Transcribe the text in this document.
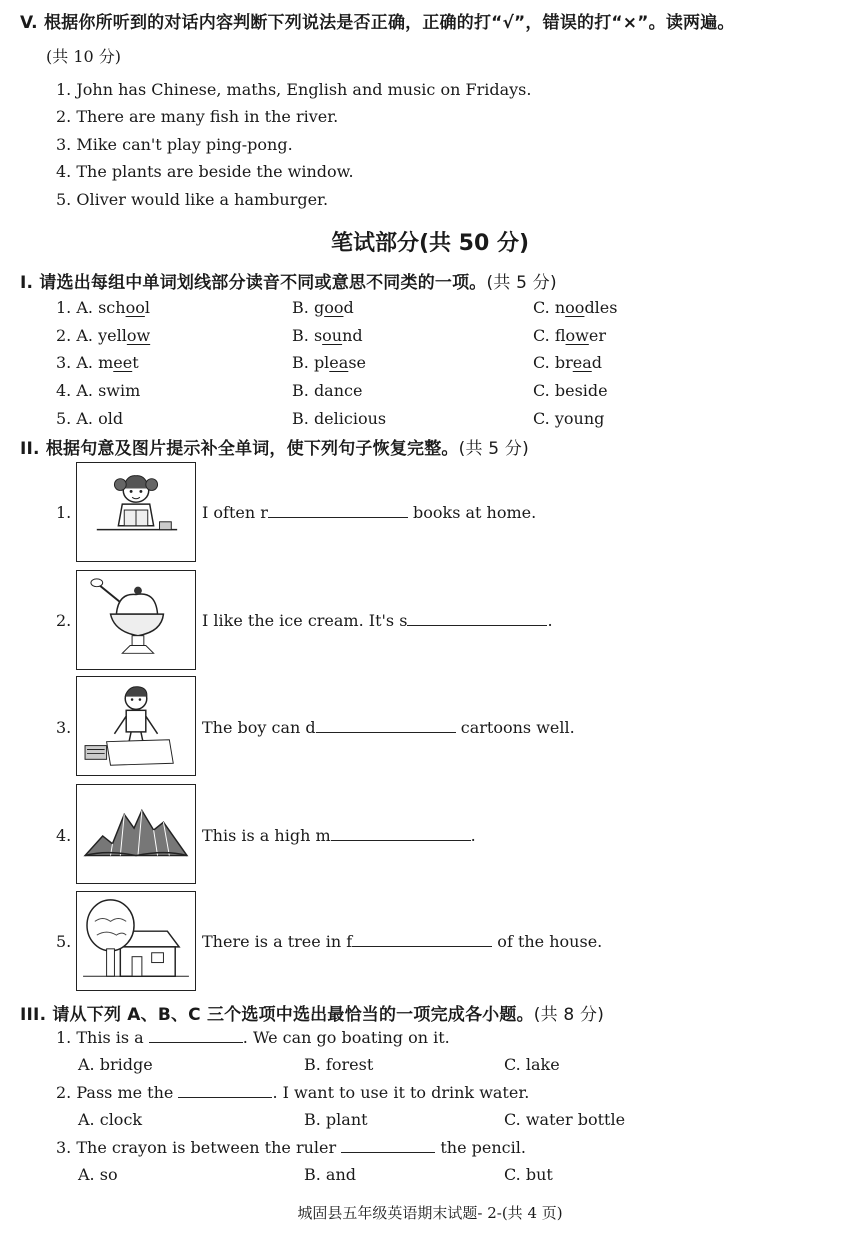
V. 根据你所听到的对话内容判断下列说法是否正确，正确的打“√”，错误的打“×”。读两遍。
(共 10 分)
1. John has Chinese, maths, English and music on Fridays.
2. There are many fish in the river.
3. Mike can't play ping-pong.
4. The plants are beside the window.
5. Oliver would like a hamburger.
笔试部分(共 50 分)
I. 请选出每组中单词划线部分读音不同或意思不同类的一项。(共 5 分)
1. A. school	B. good	C. noodles
2. A. yellow	B. sound	C. flower
3. A. meet	B. please	C. bread
4. A. swim	B. dance	C. beside
5. A. old	B. delicious	C. young
II. 根据句意及图片提示补全单词，使下列句子恢复完整。(共 5 分)
1.	I often r	books at home.
2.	I like the ice cream. It's s	.
3.	The boy can d	cartoons well.
4.	This is a high m	.
5.	There is a tree in f	of the house.
III. 请从下列 A、B、C 三个选项中选出最恰当的一项完成各小题。(共 8 分)
1. This is a	. We can go boating on it.
A. bridge	B. forest	C. lake
2. Pass me the	. I want to use it to drink water.
A. clock	B. plant	C. water bottle
3. The crayon is between the ruler	the pencil.
A. so	B. and	C. but
城固县五年级英语期末试题- 2-(共 4 页)
